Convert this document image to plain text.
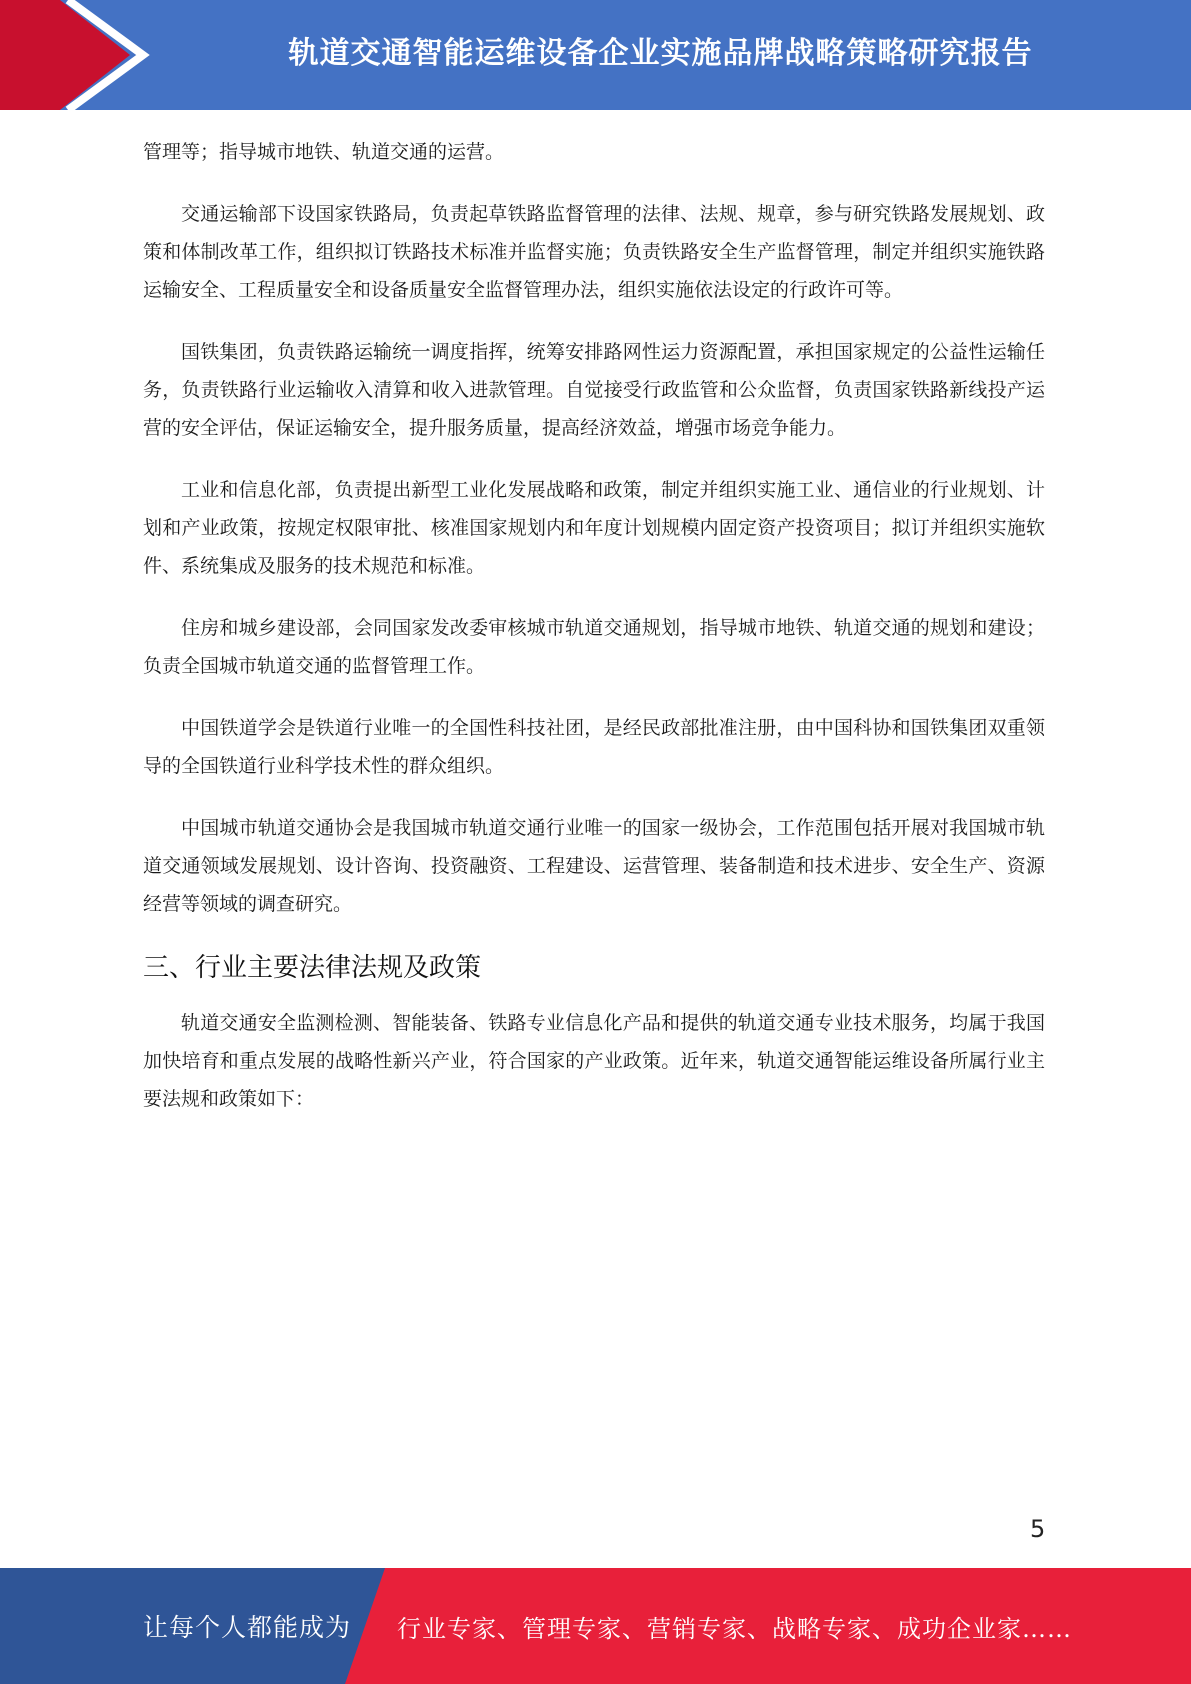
轨道交通智能运维设备企业实施品牌战略策略研究报告

管理等；指导城市地铁、轨道交通的运营。

交通运输部下设国家铁路局，负责起草铁路监督管理的法律、法规、规章，参与研究铁路发展规划、政策和体制改革工作，组织拟订铁路技术标准并监督实施；负责铁路安全生产监督管理，制定并组织实施铁路运输安全、工程质量安全和设备质量安全监督管理办法，组织实施依法设定的行政许可等。

国铁集团，负责铁路运输统一调度指挥，统筹安排路网性运力资源配置，承担国家规定的公益性运输任务，负责铁路行业运输收入清算和收入进款管理。自觉接受行政监管和公众监督，负责国家铁路新线投产运营的安全评估，保证运输安全，提升服务质量，提高经济效益，增强市场竞争能力。

工业和信息化部，负责提出新型工业化发展战略和政策，制定并组织实施工业、通信业的行业规划、计划和产业政策，按规定权限审批、核准国家规划内和年度计划规模内固定资产投资项目；拟订并组织实施软件、系统集成及服务的技术规范和标准。

住房和城乡建设部，会同国家发改委审核城市轨道交通规划，指导城市地铁、轨道交通的规划和建设；负责全国城市轨道交通的监督管理工作。

中国铁道学会是铁道行业唯一的全国性科技社团，是经民政部批准注册，由中国科协和国铁集团双重领导的全国铁道行业科学技术性的群众组织。

中国城市轨道交通协会是我国城市轨道交通行业唯一的国家一级协会，工作范围包括开展对我国城市轨道交通领域发展规划、设计咨询、投资融资、工程建设、运营管理、装备制造和技术进步、安全生产、资源经营等领域的调查研究。

三、行业主要法律法规及政策

轨道交通安全监测检测、智能装备、铁路专业信息化产品和提供的轨道交通专业技术服务，均属于我国加快培育和重点发展的战略性新兴产业，符合国家的产业政策。近年来，轨道交通智能运维设备所属行业主要法规和政策如下：

5
让每个人都能成为 行业专家、管理专家、营销专家、战略专家、成功企业家……
